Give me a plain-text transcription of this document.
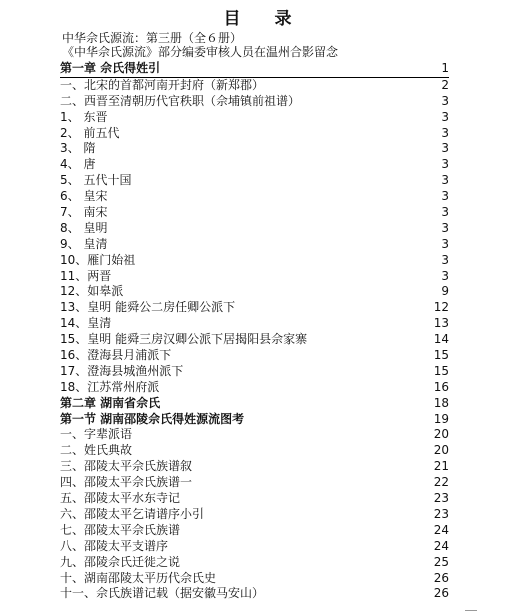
目 录
中华佘氏源流：第三册（全６册）
《中华佘氏源流》部分编委审核人员在温州合影留念
第一章 佘氏得姓引	1
一、北宋的首都河南开封府（新郑郡）	2
二、西晋至清朝历代官秩职（佘埔镇前祖谱）	3
1、 东晋	3
2、 前五代	3
3、 隋	3
4、 唐	3
5、 五代十国	3
6、 皇宋	3
7、 南宋	3
8、 皇明	3
9、 皇清	3
10、雁门始祖	3
11、两晋	3
12、如皋派	9
13、皇明 能舜公二房任卿公派下	12
14、皇清	13
15、皇明 能舜三房汉卿公派下居揭阳县佘家寨	14
16、澄海县月浦派下	15
17、澄海县城渔州派下	15
18、江苏常州府派	16
第二章 湖南省佘氏	18
第一节 湖南邵陵佘氏得姓源流图考	19
一、字辈派语	20
二、姓氏典故	20
三、邵陵太平佘氏族谱叙	21
四、邵陵太平佘氏族谱一	22
五、邵陵太平水东寺记	23
六、邵陵太平乞请谱序小引	23
七、邵陵太平佘氏族谱	24
八、邵陵太平支谱序	24
九、邵陵佘氏迁徙之说	25
十、湖南邵陵太平历代佘氏史	26
十一、佘氏族谱记载（据安徽马安山）	26
